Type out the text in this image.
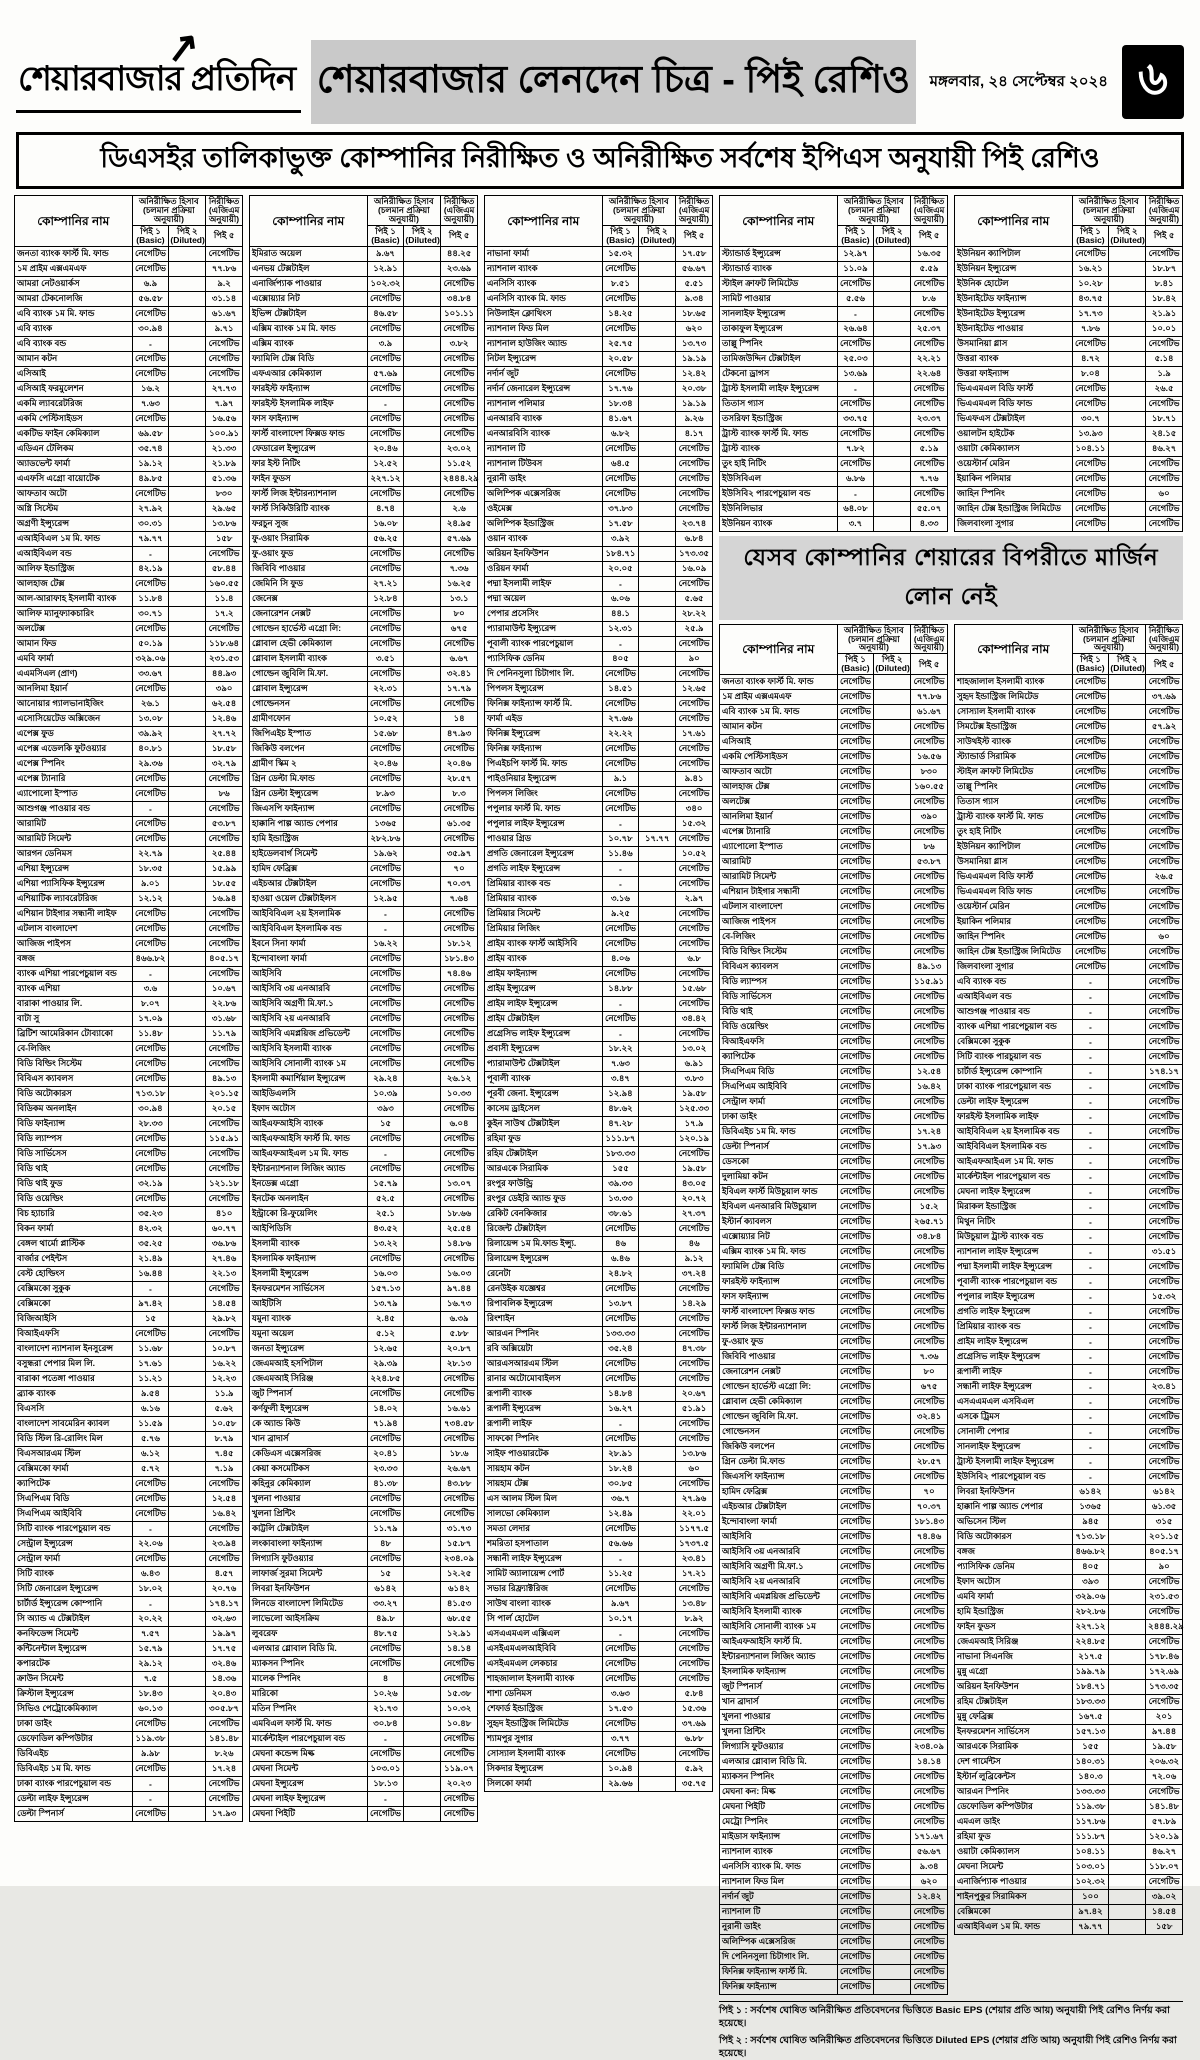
↗
শেয়ারবাজার প্রতিদিন শেয়ারবাজার লেনদেন চিত্র - পিই রেশিও	মঙ্গলবার, ২৪ সেপ্টেম্বর ২০২৪ ৬
ডিএসইর তালিকাভুক্ত কোম্পানির নিরীক্ষিত ও অনিরীক্ষিত সর্বশেষ ইপিএস অনুযায়ী পিই রেশিও
কোম্পানির নাম	অনিরীক্ষিত হিসাব (চলমান প্রক্রিয়া অনুযায়ী)		নিরীক্ষিত (এজিএম অনুযায়ী)
	পিই ১ (Basic)	পিই ২ (Diluted)	পিই ৫
জনতা ব্যাংক ফার্স্ট মি. ফান্ড	নেগেটিভ		নেগেটিভ
১ম প্রাইম এক্সএমএফ	নেগেটিভ		৭৭.৮৬
আমরা নেটওয়ার্কস	৬.৯		৯.২
আমরা টেকনোলজি	৫৬.৫৮		৩১.১৪
এবি ব্যাংক ১ম মি. ফান্ড	নেগেটিভ		৬১.৬৭
এবি ব্যাংক	৩০.৯৪		৯.৭১
এবি ব্যাংক বন্ড	-		নেগেটিভ
আমান কটন	নেগেটিভ		নেগেটিভ
এসিআই	নেগেটিভ		নেগেটিভ
এসিআই ফরমুলেশন	১৬.২		২৭.৭৩
একমি ল্যাবরেটরিজ	৭.৬৩		৭.৯৭
একমি পেস্টিসাইডস	নেগেটিভ		১৬.৫৬
একটিভ ফাইন কেমিক্যাল	৬৯.৫৮		১০০.৯১
এডিএন টেলিকম	৩৫.৭৪		২১.৩৩
অ্যাডভেন্ট ফার্মা	১৯.১২		২১.৮৯
এএফসি এগ্রো বায়োটেক	৪৯.৮৫		৫১.৩৬
আফতাব অটো	নেগেটিভ		৮৩০
অগ্নি সিস্টেম	২৭.৯২		২৯.৬৫
অগ্রণী ইন্স্যুরেন্স	৩০.৩১		১৩.৮৬
এআইবিএল ১ম মি. ফান্ড	৭৯.৭৭		১৫৮
এআইবিএল বন্ড	-		নেগেটিভ
আলিফ ইন্ডাস্ট্রিজ	৪২.১৯		৫৮.৪৪
আলহাজ টেক্স	নেগেটিভ		১৬০.৫৫
আল-আরাফাহ ইসলামী ব্যাংক	১১.৮৪		১১.৪
আলিফ ম্যানুফ্যাকচারিং	৩০.৭১		১৭.২
অলটেক্স	নেগেটিভ		নেগেটিভ
আমান ফিড	৫০.১৯		১১৮.৬৪
এমবি ফার্মা	৩২৯.০৬		২৩১.৫৩
এএমসিএল (প্রাণ)	৩৩.৬৭		৪৪.৯৩
আনলিমা ইয়ার্ন	নেগেটিভ		৩৯০
আনোয়ার গ্যালভানাইজিং	২৬.১		৬২.৫৪
এসোসিয়েটেড অক্সিজেন	১৩.০৮		১২.৪৬
এপেক্স ফুড	৩৯.৯২		২৭.৭২
এপেক্স এডেলকি ফুটওয়্যার	৪০.৮১		১৮.৫৮
এপেক্স স্পিনিং	২৯.৩৬		৩২.৭৯
এপেক্স ট্যানারি	নেগেটিভ		নেগেটিভ
এ্যাপোলো ইস্পাত	নেগেটিভ		৮৬
আশুগঞ্জ পাওয়ার বন্ড	-		নেগেটিভ
আরামিট	নেগেটিভ		৫৩.৮৭
আরামিট সিমেন্ট	নেগেটিভ		নেগেটিভ
আরগন ডেনিমস	২২.৭৯		২৫.৪৪
এশিয়া ইন্স্যুরেন্স	১৮.৩৫		১৫.৯৯
এশিয়া প্যাসিফিক ইন্স্যুরেন্স	৯.০১		১৮.৫৫
এশিয়াটিক ল্যাবরেটরিজ	১২.১২		১৬.৯৪
এশিয়ান টাইগার সন্ধানী লাইফ	নেগেটিভ		নেগেটিভ
এটলাস বাংলাদেশ	নেগেটিভ		নেগেটিভ
আজিজ পাইপস	নেগেটিভ		নেগেটিভ
বঙ্গজ	৪৬৬.৮২		৪০৫.১৭
ব্যাংক এশিয়া পারপেচুয়াল বন্ড	-		নেগেটিভ
ব্যাংক এশিয়া	৩.৬		১০.৬৭
বারাকা পাওয়ার লি.	৮.০৭		২২.৮৬
বাটা সু	১৭.০৯		৩১.৬৮
ব্রিটিশ আমেরিকান টোব্যাকো	১১.৪৮		১১.৭৯
বে-লিজিং	নেগেটিভ		নেগেটিভ
বিডি বিল্ডিং সিস্টেম	নেগেটিভ		নেগেটিভ
বিবিএস ক্যাবলস	নেগেটিভ		৪৯.১৩
বিডি অটোকারস	৭১৩.১৮		২০১.১৫
বিডিকম অনলাইন	৩০.৯৪		২০.১৫
বিডি ফাইন্যান্স	২৮.৩৩		নেগেটিভ
বিডি ল্যাম্পস	নেগেটিভ		১১৫.৯১
বিডি সার্ভিসেস	নেগেটিভ		নেগেটিভ
বিডি থাই	নেগেটিভ		নেগেটিভ
বিডি থাই ফুড	৩২.১৯		১২১.১৮
বিডি ওয়েল্ডিং	নেগেটিভ		নেগেটিভ
বিচ হ্যাচারি	৩৫.২৩		৪১০
বিকন ফার্মা	৪২.৩২		৬০.৭৭
বেঙ্গল থার্মো প্লাস্টিক	৩৫.২৫		৩৬.৮৬
বার্জার পেইন্টস	২১.৪৯		২৭.৪৬
বেস্ট হোল্ডিংস	১৬.৪৪		২২.১৩
বেক্সিমকো সুকুক	-		নেগেটিভ
বেক্সিমকো	৯৭.৪২		১৪.৫৪
বিজিআইসি	১৫		২৯.৮২
বিআইএফসি	নেগেটিভ		নেগেটিভ
বাংলাদেশ ন্যাশনাল ইনসুরেন্স	১১.৬৮		১০.৮৭
বসুন্ধরা পেপার মিল লি.	১৭.৬১		১৬.২২
বারাকা পতেঙ্গা পাওয়ার	১১.২১		১২.২৩
ব্র্যাক ব্যাংক	৯.৫৪		১১.৯
বিএসসি	৬.১৬		৫.৬২
বাংলাদেশ সাবমেরিন ক্যাবল	১১.৫৯		১০.৫৮
বিডি স্টিল রি-রোলিং মিল	৫.৭৬		৮.৭৯
বিএসআরএম স্টিল	৬.১২		৭.৪৫
বেক্সিমকো ফার্মা	৫.৭২		৭.১৯
ক্যাপিটেক	নেগেটিভ		নেগেটিভ
সিএপিএম বিডি	নেগেটিভ		১২.৫৪
সিএপিএম আইবিবি	নেগেটিভ		১৬.৪২
সিটি ব্যাংক পারপেচুয়াল বন্ড	-		নেগেটিভ
সেন্ট্রাল ইন্স্যুরেন্স	২২.০৬		২৩.৯৪
সেন্ট্রাল ফার্মা	নেগেটিভ		নেগেটিভ
সিটি ব্যাংক	৬.৪৩		৪.৫৭
সিটি জেনারেল ইন্স্যুরেন্স	১৮.০২		২০.৭৬
চার্টার্ড ইন্স্যুরেন্স কোম্পানি	-		১৭৪.১৭
সি অ্যান্ড এ টেক্সটাইল	২০.২২		৩২.৬৩
কনফিডেন্স সিমেন্ট	৭.৫৭		১৯.৯৭
কন্টিনেন্টাল ইন্স্যুরেন্স	১৫.৭৯		১৭.৭৫
কপারটেক	২৯.১২		৩২.৪৬
ক্রাউন সিমেন্ট	৭.৫		১৪.৩৬
ক্রিস্টাল ইন্স্যুরেন্স	১৮.৪৩		২০.৪৩
সিভিও পেট্রোকেমিক্যাল	৬০.১৩		৩০৫.৮৭
ঢাকা ডাইং	নেগেটিভ		নেগেটিভ
ডেফোডিল কম্পিউটার	১১৯.৩৮		১৪১.৪৮
ডিবিএইচ	৯.৯৮		৮.২৬
ডিবিএইচ ১ম মি. ফান্ড	নেগেটিভ		১৭.২৪
ঢাকা ব্যাংক পারপেচুয়াল বন্ড	-		নেগেটিভ
ডেল্টা লাইফ ইন্স্যুরেন্স	-		নেগেটিভ
ডেল্টা স্পিনার্স	নেগেটিভ		১৭.৯৩
কোম্পানির নাম	অনিরীক্ষিত হিসাব (চলমান প্রক্রিয়া অনুযায়ী)		নিরীক্ষিত (এজিএম অনুযায়ী)
	পিই ১ (Basic)	পিই ২ (Diluted)	পিই ৫
ইমিরাত অয়েল	৯.৬৭		৪৪.২৫
এনভয় টেক্সটাইল	১২.৯১		২৩.৬৯
এনার্জিপ্যাক পাওয়ার	১০২.৩২		নেগেটিভ
এক্সোয়্যার নিট	নেগেটিভ		৩৪.৮৪
ইভিন্স টেক্সটাইল	৪৬.৫৮		১০১.১১
এক্সিম ব্যাংক ১ম মি. ফান্ড	নেগেটিভ		নেগেটিভ
এক্সিম ব্যাংক	৩.৯		৩.৮২
ফ্যামিলি টেক্স বিডি	নেগেটিভ		নেগেটিভ
এফএআর কেমিক্যাল	৫৭.৬৯		নেগেটিভ
ফারইস্ট ফাইন্যান্স	নেগেটিভ		নেগেটিভ
ফারইস্ট ইসলামিক লাইফ	-		নেগেটিভ
ফাস ফাইন্যান্স	নেগেটিভ		নেগেটিভ
ফার্স্ট বাংলাদেশ ফিক্সড ফান্ড	নেগেটিভ		নেগেটিভ
ফেডারেল ইন্স্যুরেন্স	২০.৪৬		২৩.০২
ফার ইস্ট নিটিং	১২.৫২		১১.৫২
ফাইন ফুডস	২২৭.১২		২৪৪৪.২৯
ফার্স্ট লিজ ইন্টারন্যাশনাল	নেগেটিভ		নেগেটিভ
ফার্স্ট সিকিউরিটি ব্যাংক	৪.৭৪		২.৬
ফরচুন সুজ	১৬.০৮		২৪.৯৫
ফু-ওয়াং সিরামিক	৫৬.২৫		৫৭.৬৯
ফু-ওয়াং ফুড	নেগেটিভ		নেগেটিভ
জিবিবি পাওয়ার	নেগেটিভ		৭.৩৬
জেমিনি সি ফুড	২৭.২১		১৬.২৫
জেনেক্স	১২.৮৪		১৩.১
জেনারেশন নেক্সট	নেগেটিভ		৮০
গোল্ডেন হার্ভেস্ট এগ্রো লি:	নেগেটিভ		৬৭৫
গ্লোবাল হেভী কেমিক্যাল	নেগেটিভ		নেগেটিভ
গ্লোবাল ইসলামী ব্যাংক	৩.৫১		৬.৬৭
গোল্ডেন জুবিলি মি.ফা.	নেগেটিভ		৩২.৪১
গ্লোবাল ইন্স্যুরেন্স	২২.৩১		১৭.৭৯
গোল্ডেনসন	নেগেটিভ		নেগেটিভ
গ্রামীণফোন	১০.৫২		১৪
জিপিএইচ ইস্পাত	১৫.৬৮		৪৭.৯৩
জিকিউ বলপেন	নেগেটিভ		নেগেটিভ
গ্রামীণ স্কিম ২	২০.৪৬		২০.৪৬
গ্রিন ডেল্টা মি.ফান্ড	নেগেটিভ		২৮.৫৭
গ্রিন ডেল্টা ইন্স্যুরেন্স	৮.৯৩		৮.৩
জিএসপি ফাইন্যান্স	নেগেটিভ		নেগেটিভ
হাক্কানি পাল্প অ্যান্ড পেপার	১৩৬৫		৬১.৩৫
হামি ইন্ডাস্ট্রিজ	২৮২.৮৬		নেগেটিভ
হাইডেলবার্গ সিমেন্ট	১৯.৬২		৩৫.৯৭
হামিদ ফেব্রিক্স	নেগেটিভ		৭০
এইচআর টেক্সটাইল	নেগেটিভ		৭০.৩৭
হাওয়া ওয়েল টেক্সটাইলস	১২.৯৫		৭.৬৪
আইবিবিএল ২য় ইসলামিক	-		নেগেটিভ
আইবিবিএল ইসলামিক বন্ড	-		নেগেটিভ
ইবনে সিনা ফার্মা	১৬.২২		১৮.১২
ইন্দোবাংলা ফার্মা	নেগেটিভ		১৮১.৪৩
আইসিবি	নেগেটিভ		৭৪.৪৬
আইসিবি ৩য় এনআরবি	নেগেটিভ		নেগেটিভ
আইসিবি অগ্রণী মি.ফা.১	নেগেটিভ		নেগেটিভ
আইসিবি ২য় এনআরবি	নেগেটিভ		নেগেটিভ
আইসিবি এমপ্লয়িজ প্রভিডেন্ট	নেগেটিভ		নেগেটিভ
আইসিবি ইসলামী ব্যাংক	নেগেটিভ		নেগেটিভ
আইসিবি সোনালী ব্যাংক ১ম	নেগেটিভ		নেগেটিভ
ইসলামী কমার্শিয়াল ইন্স্যুরেন্স	২৯.২৪		২৬.১২
আইডিএলসি	১০.৩৯		১০.৩৩
ইফাদ অটোস	৩৯৩		নেগেটিভ
আইএফআইসি ব্যাংক	১৫		৬.০৪
আইএফআইসি ফার্স্ট মি. ফান্ড	নেগেটিভ		নেগেটিভ
আইএফআইএল ১ম মি. ফান্ড	-		নেগেটিভ
ইন্টারন্যাশনাল লিজিং অ্যান্ড	নেগেটিভ		নেগেটিভ
ইনডেক্স এগ্রো	১৫.৭৯		১৩.০৭
ইনটেক অনলাইন	৫২.৫		নেগেটিভ
ইন্ট্রাকো রি-ফুয়েলিং	২৫.১		১৮.৬৬
আইপিডিসি	৪৩.৫২		২৫.৫৪
ইসলামী ব্যাংক	১৩.২২		১৪.৮৬
ইসলামিক ফাইন্যান্স	নেগেটিভ		নেগেটিভ
ইসলামী ইন্স্যুরেন্স	১৬.০৩		১৬.০৩
ইনফরমেশন সার্ভিসেস	১৫৭.১৩		৯৭.৪৪
আইটিসি	১৩.৭৯		১৬.৭৩
যমুনা ব্যাংক	২.৪৫		৬.৩৯
যমুনা অয়েল	৫.১২		৫.৮৮
জনতা ইন্স্যুরেন্স	১২.৬৫		২০.৮৭
জেএমআই হসপিটাল	২৯.৩৯		২৮.১৩
জেএমআই সিরিঞ্জ	২২৪.৮৫		নেগেটিভ
জুট স্পিনার্স	নেগেটিভ		নেগেটিভ
কর্ণফুলী ইন্স্যুরেন্স	১৪.০২		১৬.৬১
কে অ্যান্ড কিউ	৭১.৯৪		৭৩৪.৫৮
খান ব্রাদার্স	নেগেটিভ		নেগেটিভ
কেডিএস এক্সেসরিজ	২০.৪১		১৮.৬
কেয়া কসমেটিকস	২৩.৩৩		২৬.৬৭
কহিনুর কেমিক্যাল	৪১.৩৮		৪৩.৮৮
খুলনা পাওয়ার	নেগেটিভ		নেগেটিভ
খুলনা প্রিন্টিং	নেগেটিভ		নেগেটিভ
কাট্টলি টেক্সটাইল	১১.৭৯		৩১.৭৩
লংকাবাংলা ফাইন্যান্স	৪৮		১৫.৮৭
লিগ্যাসি ফুটওয়্যার	নেগেটিভ		২৩৪.০৯
লাফার্জ সুরমা সিমেন্ট	১৫		১২.২৫
লিবরা ইনফিউশন	৬১৪২		৬১৪২
লিনডে বাংলাদেশ লিমিটেড	৩৩.২৭		৪১.৫৩
লাভেলো আইসক্রিম	৪৯.৮		৬৮.৫৫
লুবরেফ	৪৮.৭৫		১২.৯১
এলআর গ্লোবাল বিডি মি.	নেগেটিভ		১৪.১৪
ম্যাকসন স্পিনিং	নেগেটিভ		নেগেটিভ
মালেক স্পিনিং	৪		নেগেটিভ
মারিকো	১০.২৬		১৫.৩৮
মতিন স্পিনিং	২১.৭৩		১০.৩২
এমবিএল ফার্স্ট মি. ফান্ড	৩০.৮৪		১০.৪৮
মার্কেন্টাইল পারপেচুয়াল বন্ড	-		নেগেটিভ
মেঘনা কন্ডেন্স মিল্ক	নেগেটিভ		নেগেটিভ
মেঘনা সিমেন্ট	১০৩.০১		১১৯.০৭
মেঘনা ইন্স্যুরেন্স	১৮.১৩		২০.২৩
মেঘনা লাইফ ইন্স্যুরেন্স	-		নেগেটিভ
মেঘনা পিইটি	নেগেটিভ		নেগেটিভ
কোম্পানির নাম	অনিরীক্ষিত হিসাব (চলমান প্রক্রিয়া অনুযায়ী)		নিরীক্ষিত (এজিএম অনুযায়ী)
	পিই ১ (Basic)	পিই ২ (Diluted)	পিই ৫
নাভানা ফার্মা	১৫.৩২		১৭.৫৮
ন্যাশনাল ব্যাংক	নেগেটিভ		৫৬.৬৭
এনসিসি ব্যাংক	৮.৫১		৫.৫১
এনসিসি ব্যাংক মি. ফান্ড	নেগেটিভ		৯.৩৪
নিউলাইন ক্লোথিংস	১৪.২৫		১৮.৬৫
ন্যাশনাল ফিড মিল	নেগেটিভ		৬২০
ন্যাশনাল হাউজিং অ্যান্ড	২৫.৭৫		১৩.৭৩
নিটল ইন্স্যুরেন্স	২০.৫৮		১৯.১৯
নর্দার্ন জুট	নেগেটিভ		১২.৪২
নর্দার্ন জেনারেল ইন্স্যুরেন্স	১৭.৭৬		২০.৩৮
ন্যাশনাল পলিমার	১৮.৩৪		১৯.১৯
এনআরবি ব্যাংক	৪১.৬৭		৯.২৬
এনআরবিসি ব্যাংক	৬.৮২		৪.১৭
ন্যাশনাল টি	নেগেটিভ		নেগেটিভ
ন্যাশনাল টিউবস	৬৪.৫		নেগেটিভ
নুরানী ডাইং	নেগেটিভ		নেগেটিভ
অলিম্পিক এক্সেসরিজ	নেগেটিভ		নেগেটিভ
ওইমেক্স	৩৭.৮৩		নেগেটিভ
অলিম্পিক ইন্ডাস্ট্রিজ	১৭.৫৮		২৩.৭৪
ওয়ান ব্যাংক	৩.৯২		৬.৮৪
অরিয়ন ইনফিউশন	১৮৪.৭১		১৭৩.৩৫
ওরিয়ন ফার্মা	২০.০৫		১৬.০৯
পদ্মা ইসলামী লাইফ	-		নেগেটিভ
পদ্মা অয়েল	৬.০৬		৫.৬৫
পেপার প্রসেসিং	৪৪.১		২৮.২২
প্যারামাউন্ট ইন্স্যুরেন্স	১২.৩১		২৫.৯
পূবালী ব্যাংক পারপেচুয়াল	-		নেগেটিভ
প্যাসিফিক ডেনিম	৪০৫		৯০
দি পেনিনসুলা চিটাগাং লি.	নেগেটিভ		নেগেটিভ
পিপলস ইন্স্যুরেন্স	১৪.৫১		১২.৬৫
ফিনিক্স ফাইন্যান্স ফার্স্ট মি.	নেগেটিভ		নেগেটিভ
ফার্মা এইড	২৭.৬৬		নেগেটিভ
ফিনিক্স ইন্স্যুরেন্স	২২.২২		১৭.৬১
ফিনিক্স ফাইন্যান্স	নেগেটিভ		নেগেটিভ
পিএইচপি ফার্স্ট মি. ফান্ড	নেগেটিভ		নেগেটিভ
পাইওনিয়ার ইন্স্যুরেন্স	৯.১		৯.৪১
পিপলস লিজিং	নেগেটিভ		নেগেটিভ
পপুলার ফার্স্ট মি. ফান্ড	নেগেটিভ		৩৪০
পপুলার লাইফ ইন্স্যুরেন্স	-		১৫.৩২
পাওয়ার গ্রিড	১০.৭৮	১৭.৭৭	নেগেটিভ
প্রগতি জেনারেল ইন্স্যুরেন্স	১১.৪৬		১০.৫২
প্রগতি লাইফ ইন্স্যুরেন্স	-		নেগেটিভ
প্রিমিয়ার ব্যাংক বন্ড	-		নেগেটিভ
প্রিমিয়ার ব্যাংক	৩.১৬		২.৯৭
প্রিমিয়ার সিমেন্ট	৯.২৫		নেগেটিভ
প্রিমিয়ার লিজিং	নেগেটিভ		নেগেটিভ
প্রাইম ব্যাংক ফার্স্ট আইসিবি	নেগেটিভ		নেগেটিভ
প্রাইম ব্যাংক	৪.০৬		৬.৮
প্রাইম ফাইন্যান্স	নেগেটিভ		নেগেটিভ
প্রাইম ইন্স্যুরেন্স	১৪.৮৮		১৫.৬৮
প্রাইম লাইফ ইন্স্যুরেন্স	-		নেগেটিভ
প্রাইম টেক্সটাইল	নেগেটিভ		৩৪.৪২
প্রগ্রেসিভ লাইফ ইন্স্যুরেন্স	-		নেগেটিভ
প্রবাসী ইন্স্যুরেন্স	১৮.২২		১৩.০২
প্যারামাউন্ট টেক্সটাইল	৭.৬৩		৬.৯১
পূবালী ব্যাংক	৩.৪৭		৩.৮৩
পূরবী জেনা. ইন্স্যুরেন্স	১২.৯৪		১৯.৫৮
কাসেম ড্রাইসেল	৪৮.৬২		১২৫.৩৩
কুইন সাউথ টেক্সটাইল	৪৭.২৮		১৭.৯
রহিমা ফুড	১১১.৮৭		১২০.১৯
রহিম টেক্সটাইল	১৮৩.৩৩		নেগেটিভ
আরএকে সিরামিক	১৫৫		১৯.৫৮
রংপুর ফাউন্ড্রি	৩৯.৩৩		৪৩.০৫
রংপুর ডেইরি অ্যান্ড ফুড	১৩.৩৩		২০.৭২
রেকিট বেনকিজার	৩৮.৬১		২৭.৩৭
রিজেন্ট টেক্সটাইল	নেগেটিভ		নেগেটিভ
রিলায়েন্স ১ম মি.ফান্ড ইন্স্যু.	৪৬		৪৬
রিলায়েন্স ইন্স্যুরেন্স	৬.৪৬		৯.১২
রেনেটা	২৪.৮২		৩৭.২৪
রেনউইক যজ্ঞেশ্বর	নেগেটিভ		নেগেটিভ
রিপাবলিক ইন্স্যুরেন্স	১৩.৮৭		১৪.২৯
রিংশাইন	নেগেটিভ		নেগেটিভ
আরএন স্পিনিং	১৩৩.৩৩		নেগেটিভ
রবি অক্সিয়েটা	৩৫.২৪		৪৭.৩৮
আরএসআরএম স্টিল	নেগেটিভ		নেগেটিভ
রানার অটোমোবাইলস	নেগেটিভ		নেগেটিভ
রূপালী ব্যাংক	১৪.৮৪		২০.৬৭
রূপালী ইন্স্যুরেন্স	১৬.২৭		৫১.৯১
রূপালী লাইফ	-		নেগেটিভ
সাফকো স্পিনিং	নেগেটিভ		নেগেটিভ
সাইফ পাওয়ারটেক	২৮.৯১		১৩.৮৬
সায়হাম কটন	১৮.২৪		৬০
সায়হাম টেক্স	৩০.৮৫		নেগেটিভ
এস আলম স্টিল মিল	৩৬.৭		২৭.৯৬
সালভো কেমিক্যাল	১২.৪৯		২২.০১
সমতা লেদার	নেগেটিভ		১১৭৭.৫
শমরিতা হসপাতাল	৫৬.৬৬		১৭৩৭.৫
সন্ধানী লাইফ ইন্স্যুরেন্স	-		২৩.৪১
সামিট অ্যালায়েন্স পোর্ট	১১.২৫		১৭.২১
সভার রিফ্র্যাক্টরিজ	নেগেটিভ		নেগেটিভ
সাউথ বাংলা ব্যাংক	৯.৬৭		১৩.৪৮
সি পার্ল হোটেল	১০.১৭		৮.৯২
এসএএমএল এক্সিএল	-		নেগেটিভ
এসইএমএলআইবিবি	নেগেটিভ		নেগেটিভ
এসইএমএল লেকচার	নেগেটিভ		নেগেটিভ
শাহজালাল ইসলামী ব্যাংক	নেগেটিভ		নেগেটিভ
শাশা ডেনিমস	৩.৬৩		৫.৮৪
শেফার্ড ইন্ডাস্ট্রিজ	১৭.৫৩		১৫.৩৬
সুহৃদ ইন্ডাস্ট্রিজ লিমিটেড	নেগেটিভ		৩৭.৬৯
শ্যামপুর সুগার	৩.৭৭		৬.৮৮
সোস্যাল ইসলামী ব্যাংক	নেগেটিভ		নেগেটিভ
সিকদার ইন্স্যুরেন্স	১০.৯৪		৫.৯২
সিলকো ফার্মা	২৯.৬৬		৩৫.৭৫
কোম্পানির নাম	অনিরীক্ষিত হিসাব (চলমান প্রক্রিয়া অনুযায়ী)		নিরীক্ষিত (এজিএম অনুযায়ী)
	পিই ১ (Basic)	পিই ২ (Diluted)	পিই ৫
স্ট্যান্ডার্ড ইন্স্যুরেন্স	১২.৯৭		১৬.৩৫
স্ট্যান্ডার্ড ব্যাংক	১১.০৯		৫.৫৯
স্টাইল ক্রাফট লিমিটেড	নেগেটিভ		নেগেটিভ
সামিট পাওয়ার	৫.৫৬		৮.৬
সানলাইফ ইন্স্যুরেন্স	-		নেগেটিভ
তাকাফুল ইন্স্যুরেন্স	২৬.৬৪		২৫.৩৭
তাল্লু স্পিনিং	নেগেটিভ		নেগেটিভ
তামিজউদ্দিন টেক্সটাইল	২৫.০৩		২২.২১
টেকনো ড্রাগস	১৩.৬৯		২২.৬৪
ট্রাস্ট ইসলামী লাইফ ইন্স্যুরেন্স	-		নেগেটিভ
তিতাস গ্যাস	নেগেটিভ		নেগেটিভ
তসরিফা ইন্ডাস্ট্রিজ	৩৩.৭৫		২৩.৩৭
ট্রাস্ট ব্যাংক ফার্স্ট মি. ফান্ড	নেগেটিভ		নেগেটিভ
ট্রাস্ট ব্যাংক	৭.৮২		৫.১৯
তুং হাই নিটিং	নেগেটিভ		নেগেটিভ
ইউসিবিএল	৬.৮৬		৭.৭৬
ইউসিবি২ পারপেচুয়াল বন্ড	-		নেগেটিভ
ইউনিলিভার	৬৪.০৮		৫৫.০৭
ইউনিয়ন ব্যাংক	৩.৭		৪.৩৩
কোম্পানির নাম	অনিরীক্ষিত হিসাব (চলমান প্রক্রিয়া অনুযায়ী)		নিরীক্ষিত (এজিএম অনুযায়ী)
	পিই ১ (Basic)	পিই ২ (Diluted)	পিই ৫
ইউনিয়ন ক্যাপিটাল	নেগেটিভ		নেগেটিভ
ইউনিয়ন ইন্স্যুরেন্স	১৬.২১		১৮.৮৭
ইউনিক হোটেল	১০.২৮		৮.৪১
ইউনাইটেড ফাইন্যান্স	৪৩.৭৫		১৮.৪২
ইউনাইটেড ইন্স্যুরেন্স	১৭.৭৩		২১.৯১
ইউনাইটেড পাওয়ার	৭.৮৬		১০.০১
উসমানিয়া গ্লাস	নেগেটিভ		নেগেটিভ
উত্তরা ব্যাংক	৪.৭২		৫.১৪
উত্তরা ফাইন্যান্স	৮.০৪		১.৯
ভিএএমএল বিডি ফার্স্ট	নেগেটিভ		২৬.৫
ভিএএমএল বিডি ফান্ড	নেগেটিভ		নেগেটিভ
ভিএফএস টেক্সটাইল	৩০.৭		১৮.৭১
ওয়ালটন হাইটেক	১৩.৯৩		২৪.১৫
ওয়াটা কেমিক্যালস	১০৪.১১		৪৬.২৭
ওয়েস্টার্ন মেরিন	নেগেটিভ		নেগেটিভ
ইয়াকিন পলিমার	নেগেটিভ		নেগেটিভ
জাহিন স্পিনিং	নেগেটিভ		৬০
জাহিন টেক্স ইন্ডাস্ট্রিজ লিমিটেড	নেগেটিভ		নেগেটিভ
জিলবাংলা সুগার	নেগেটিভ		নেগেটিভ
যেসব কোম্পানির শেয়ারের বিপরীতে মার্জিন লোন নেই
কোম্পানির নাম	অনিরীক্ষিত হিসাব (চলমান প্রক্রিয়া অনুযায়ী)		নিরীক্ষিত (এজিএম অনুযায়ী)
	পিই ১ (Basic)	পিই ২ (Diluted)	পিই ৫
জনতা ব্যাংক ফার্স্ট মি. ফান্ড	নেগেটিভ		নেগেটিভ
১ম প্রাইম এক্সএমএফ	নেগেটিভ		৭৭.৮৬
এবি ব্যাংক ১ম মি. ফান্ড	নেগেটিভ		৬১.৬৭
আমান কটন	নেগেটিভ		নেগেটিভ
এসিআই	নেগেটিভ		নেগেটিভ
একমি পেস্টিসাইডস	নেগেটিভ		১৬.৫৬
আফতাব অটো	নেগেটিভ		৮৩০
আলহাজ টেক্স	নেগেটিভ		১৬০.৫৫
অলটেক্স	নেগেটিভ		নেগেটিভ
আনলিমা ইয়ার্ন	নেগেটিভ		৩৯০
এপেক্স ট্যানারি	নেগেটিভ		নেগেটিভ
এ্যাপোলো ইস্পাত	নেগেটিভ		৮৬
আরামিট	নেগেটিভ		৫৩.৮৭
আরামিট সিমেন্ট	নেগেটিভ		নেগেটিভ
এশিয়ান টাইগার সন্ধানী	নেগেটিভ		নেগেটিভ
এটলাস বাংলাদেশ	নেগেটিভ		নেগেটিভ
আজিজ পাইপস	নেগেটিভ		নেগেটিভ
বে-লিজিং	নেগেটিভ		নেগেটিভ
বিডি বিল্ডিং সিস্টেম	নেগেটিভ		নেগেটিভ
বিবিএস ক্যাবলস	নেগেটিভ		৪৯.১৩
বিডি ল্যাম্পস	নেগেটিভ		১১৫.৯১
বিডি সার্ভিসেস	নেগেটিভ		নেগেটিভ
বিডি থাই	নেগেটিভ		নেগেটিভ
বিডি ওয়েল্ডিং	নেগেটিভ		নেগেটিভ
বিআইএফসি	নেগেটিভ		নেগেটিভ
ক্যাপিটেক	নেগেটিভ		নেগেটিভ
সিএপিএম বিডি	নেগেটিভ		১২.৫৪
সিএপিএম আইবিবি	নেগেটিভ		১৬.৪২
সেন্ট্রাল ফার্মা	নেগেটিভ		নেগেটিভ
ঢাকা ডাইং	নেগেটিভ		নেগেটিভ
ডিবিএইচ ১ম মি. ফান্ড	নেগেটিভ		১৭.২৪
ডেল্টা স্পিনার্স	নেগেটিভ		১৭.৯৩
ডেসকো	নেগেটিভ		নেগেটিভ
দুলামিয়া কটন	নেগেটিভ		নেগেটিভ
ইবিএল ফার্স্ট মিউচুয়াল ফান্ড	নেগেটিভ		নেগেটিভ
ইবিএল এনআরবি মিউচুয়াল	নেগেটিভ		১৫.২
ইস্টার্ন ক্যাবলস	নেগেটিভ		২৬৫.৭১
এক্সোয়্যার নিট	নেগেটিভ		৩৪.৮৪
এক্সিম ব্যাংক ১ম মি. ফান্ড	নেগেটিভ		নেগেটিভ
ফ্যামিলি টেক্স বিডি	নেগেটিভ		নেগেটিভ
ফারইস্ট ফাইন্যান্স	নেগেটিভ		নেগেটিভ
ফাস ফাইন্যান্স	নেগেটিভ		নেগেটিভ
ফার্স্ট বাংলাদেশ ফিক্সড ফান্ড	নেগেটিভ		নেগেটিভ
ফার্স্ট লিজ ইন্টারন্যাশনাল	নেগেটিভ		নেগেটিভ
ফু-ওয়াং ফুড	নেগেটিভ		নেগেটিভ
জিবিবি পাওয়ার	নেগেটিভ		৭.৩৬
জেনারেশন নেক্সট	নেগেটিভ		৮০
গোল্ডেন হার্ভেস্ট এগ্রো লি:	নেগেটিভ		৬৭৫
গ্লোবাল হেভী কেমিক্যাল	নেগেটিভ		নেগেটিভ
গোল্ডেন জুবিলি মি.ফা.	নেগেটিভ		৩২.৪১
গোল্ডেনসন	নেগেটিভ		নেগেটিভ
জিকিউ বলপেন	নেগেটিভ		নেগেটিভ
গ্রিন ডেল্টা মি.ফান্ড	নেগেটিভ		২৮.৫৭
জিএসপি ফাইন্যান্স	নেগেটিভ		নেগেটিভ
হামিদ ফেব্রিক্স	নেগেটিভ		৭০
এইচআর টেক্সটাইল	নেগেটিভ		৭০.৩৭
ইন্দোবাংলা ফার্মা	নেগেটিভ		১৮১.৪৩
আইসিবি	নেগেটিভ		৭৪.৪৬
আইসিবি ৩য় এনআরবি	নেগেটিভ		নেগেটিভ
আইসিবি অগ্রণী মি.ফা.১	নেগেটিভ		নেগেটিভ
আইসিবি ২য় এনআরবি	নেগেটিভ		নেগেটিভ
আইসিবি এমপ্লয়িজ প্রভিডেন্ট	নেগেটিভ		নেগেটিভ
আইসিবি ইসলামী ব্যাংক	নেগেটিভ		নেগেটিভ
আইসিবি সোনালী ব্যাংক ১ম	নেগেটিভ		নেগেটিভ
আইএফআইসি ফার্স্ট মি.	নেগেটিভ		নেগেটিভ
ইন্টারন্যাশনাল লিজিং অ্যান্ড	নেগেটিভ		নেগেটিভ
ইসলামিক ফাইন্যান্স	নেগেটিভ		নেগেটিভ
জুট স্পিনার্স	নেগেটিভ		নেগেটিভ
খান ব্রাদার্স	নেগেটিভ		নেগেটিভ
খুলনা পাওয়ার	নেগেটিভ		নেগেটিভ
খুলনা প্রিন্টিং	নেগেটিভ		নেগেটিভ
লিগ্যাসি ফুটওয়্যার	নেগেটিভ		২৩৪.০৯
এলআর গ্লোবাল বিডি মি.	নেগেটিভ		১৪.১৪
ম্যাকসন স্পিনিং	নেগেটিভ		নেগেটিভ
মেঘনা কন: মিল্ক	নেগেটিভ		নেগেটিভ
মেঘনা পিইটি	নেগেটিভ		নেগেটিভ
মেট্রো স্পিনিং	নেগেটিভ		নেগেটিভ
মাইডাস ফাইন্যান্স	নেগেটিভ		১৭১.৬৭
ন্যাশনাল ব্যাংক	নেগেটিভ		৫৬.৬৭
এনসিসি ব্যাংক মি. ফান্ড	নেগেটিভ		৯.৩৪
ন্যাশনাল ফিড মিল	নেগেটিভ		৬২০
নর্দার্ন জুট	নেগেটিভ		১২.৪২
ন্যাশনাল টি	নেগেটিভ		নেগেটিভ
নুরানী ডাইং	নেগেটিভ		নেগেটিভ
অলিম্পিক এক্সেসরিজ	নেগেটিভ		নেগেটিভ
দি পেনিনসুলা চিটাগাং লি.	নেগেটিভ		নেগেটিভ
ফিনিক্স ফাইন্যান্স ফার্স্ট মি.	নেগেটিভ		নেগেটিভ
ফিনিক্স ফাইন্যান্স	নেগেটিভ		নেগেটিভ
কোম্পানির নাম	অনিরীক্ষিত হিসাব (চলমান প্রক্রিয়া অনুযায়ী)		নিরীক্ষিত (এজিএম অনুযায়ী)
	পিই ১ (Basic)	পিই ২ (Diluted)	পিই ৫
শাহজালাল ইসলামী ব্যাংক	নেগেটিভ		নেগেটিভ
সুহৃদ ইন্ডাস্ট্রিজ লিমিটেড	নেগেটিভ		৩৭.৬৯
সোস্যাল ইসলামী ব্যাংক	নেগেটিভ		নেগেটিভ
সিমটেক্স ইন্ডাস্ট্রিজ	নেগেটিভ		৫৭.৯২
সাউথইস্ট ব্যাংক	নেগেটিভ		নেগেটিভ
স্ট্যান্ডার্ড সিরামিক	নেগেটিভ		নেগেটিভ
স্টাইল ক্রাফট লিমিটেড	নেগেটিভ		নেগেটিভ
তাল্লু স্পিনিং	নেগেটিভ		নেগেটিভ
তিতাস গ্যাস	নেগেটিভ		নেগেটিভ
ট্রাস্ট ব্যাংক ফার্স্ট মি. ফান্ড	নেগেটিভ		নেগেটিভ
তুং হাই নিটিং	নেগেটিভ		নেগেটিভ
ইউনিয়ন ক্যাপিটাল	নেগেটিভ		নেগেটিভ
উসমানিয়া গ্লাস	নেগেটিভ		নেগেটিভ
ভিএএমএল বিডি ফার্স্ট	নেগেটিভ		২৬.৫
ভিএএমএল বিডি ফান্ড	নেগেটিভ		নেগেটিভ
ওয়েস্টার্ন মেরিন	নেগেটিভ		নেগেটিভ
ইয়াকিন পলিমার	নেগেটিভ		নেগেটিভ
জাহিন স্পিনিং	নেগেটিভ		৬০
জাহিন টেক্স ইন্ডাস্ট্রিজ লিমিটেড	নেগেটিভ		নেগেটিভ
জিলবাংলা সুগার	নেগেটিভ		নেগেটিভ
এবি ব্যাংক বন্ড	-		নেগেটিভ
এআইবিএল বন্ড	-		নেগেটিভ
আশুগঞ্জ পাওয়ার বন্ড	-		নেগেটিভ
ব্যাংক এশিয়া পারপেচুয়াল বন্ড	-		নেগেটিভ
বেক্সিমকো সুকুক	-		নেগেটিভ
সিটি ব্যাংক পারচুয়াল বন্ড	-		নেগেটিভ
চার্টার্ড ইন্স্যুরেন্স কোম্পানি	-		১৭৪.১৭
ঢাকা ব্যাংক পারপেচুয়াল বন্ড	-		নেগেটিভ
ডেল্টা লাইফ ইন্স্যুরেন্স	-		নেগেটিভ
ফারইস্ট ইসলামিক লাইফ	-		নেগেটিভ
আইবিবিএল ২য় ইসলামিক বন্ড	-		নেগেটিভ
আইবিবিএল ইসলামিক বন্ড	-		নেগেটিভ
আইএফআইএল ১ম মি. ফান্ড	-		নেগেটিভ
মার্কেন্টাইল পারপেচুয়াল বন্ড	-		নেগেটিভ
মেঘনা লাইফ ইন্স্যুরেন্স	-		নেগেটিভ
মিরাকল ইন্ডাস্ট্রিজ	-		নেগেটিভ
মিথুন নিটিং	-		নেগেটিভ
মিউচুয়াল ট্রাস্ট ব্যাংক বন্ড	-		নেগেটিভ
ন্যাশনাল লাইফ ইন্স্যুরেন্স	-		৩১.৫১
পদ্মা ইসলামী লাইফ ইন্স্যুরেন্স	-		নেগেটিভ
পূবালী ব্যাংক পারপেচুয়াল বন্ড	-		নেগেটিভ
পপুলার লাইফ ইন্স্যুরেন্স	-		১৫.৩২
প্রগতি লাইফ ইন্স্যুরেন্স	-		নেগেটিভ
প্রিমিয়ার ব্যাংক বন্ড	-		নেগেটিভ
প্রাইম লাইফ ইন্স্যুরেন্স	-		নেগেটিভ
প্রগ্রেসিভ লাইফ ইন্স্যুরেন্স	-		নেগেটিভ
রূপালী লাইফ	-		নেগেটিভ
সন্ধানী লাইফ ইন্স্যুরেন্স	-		২৩.৪১
এসএএমএল এসবিএল	-		নেগেটিভ
এসকে ট্রিমস	-		নেগেটিভ
সোনালী পেপার	-		নেগেটিভ
সানলাইফ ইন্স্যুরেন্স	-		নেগেটিভ
ট্রাস্ট ইসলামী লাইফ ইন্স্যুরেন্স	-		নেগেটিভ
ইউসিবি২ পারপেচুয়াল বন্ড	-		নেগেটিভ
লিবরা ইনফিউশন	৬১৪২		৬১৪২
হাক্কানি পাল্প অ্যান্ড পেপার	১৩৬৫		৬১.৩৫
অভিসেন স্টিল	৯৪৫		৩১৫
বিডি অটোকারস	৭১৩.১৮		২০১.১৫
বঙ্গজ	৪৬৬.৮২		৪০৫.১৭
প্যাসিফিক ডেনিম	৪০৫		৯০
ইফাদ অটোস	৩৯৩		নেগেটিভ
এমবি ফার্মা	৩২৯.০৬		২৩১.৫৩
হামি ইন্ডাস্ট্রিজ	২৮২.৮৬		নেগেটিভ
ফাইন ফুডস	২২৭.১২		২৪৪৪.২৯
জেএমআই সিরিঞ্জ	২২৪.৮৫		নেগেটিভ
নাভানা সিএনজি	২১৭.৫		১৭৮.৪৬
মুন্নু এগ্রো	১৯৯.৭৯		১৭২.৬৯
অরিয়ন ইনফিউশন	১৮৪.৭১		১৭৩.৩৫
রহিম টেক্সটাইল	১৮৩.৩৩		নেগেটিভ
মুন্নু ফেব্রিক্স	১৬৭.৫		২০১
ইনফরমেশন সার্ভিসেস	১৫৭.১৩		৯৭.৪৪
আরএকে সিরামিক	১৫৫		১৯.৫৮
দেশ গার্মেন্টস	১৪০.৩১		২০৬.৩২
ইস্টার্ন লুব্রিকেন্টস	১৪০.৩		৭২.০৬
আরএন স্পিনিং	১৩৩.৩৩		নেগেটিভ
ডেফোডিল কম্পিউটার	১১৯.৩৮		১৪১.৪৮
এমএল ডাইং	১১৭.৮৬		৫৭.৮৯
রহিমা ফুড	১১১.৮৭		১২০.১৯
ওয়াটা কেমিক্যালস	১০৪.১১		৪৬.২৭
মেঘনা সিমেন্ট	১০৩.০১		১১৮.০৭
এনার্জিপ্যাক পাওয়ার	১০২.৩২		নেগেটিভ
শাইনপুকুর সিরামিকস	১০০		৩৯.০২
বেক্সিমকো	৯৭.৪২		১৪.৫৪
এআইবিএল ১ম মি. ফান্ড	৭৯.৭৭		১৫৮
পিই ১ : সর্বশেষ ঘোষিত অনিরীক্ষিত প্রতিবেদনের ভিত্তিতে Basic EPS (শেয়ার প্রতি আয়) অনুযায়ী পিই রেশিও নির্ণয় করা হয়েছে।
পিই ২ : সর্বশেষ ঘোষিত অনিরীক্ষিত প্রতিবেদনের ভিত্তিতে Diluted EPS (শেয়ার প্রতি আয়) অনুযায়ী পিই রেশিও নির্ণয় করা হয়েছে।
